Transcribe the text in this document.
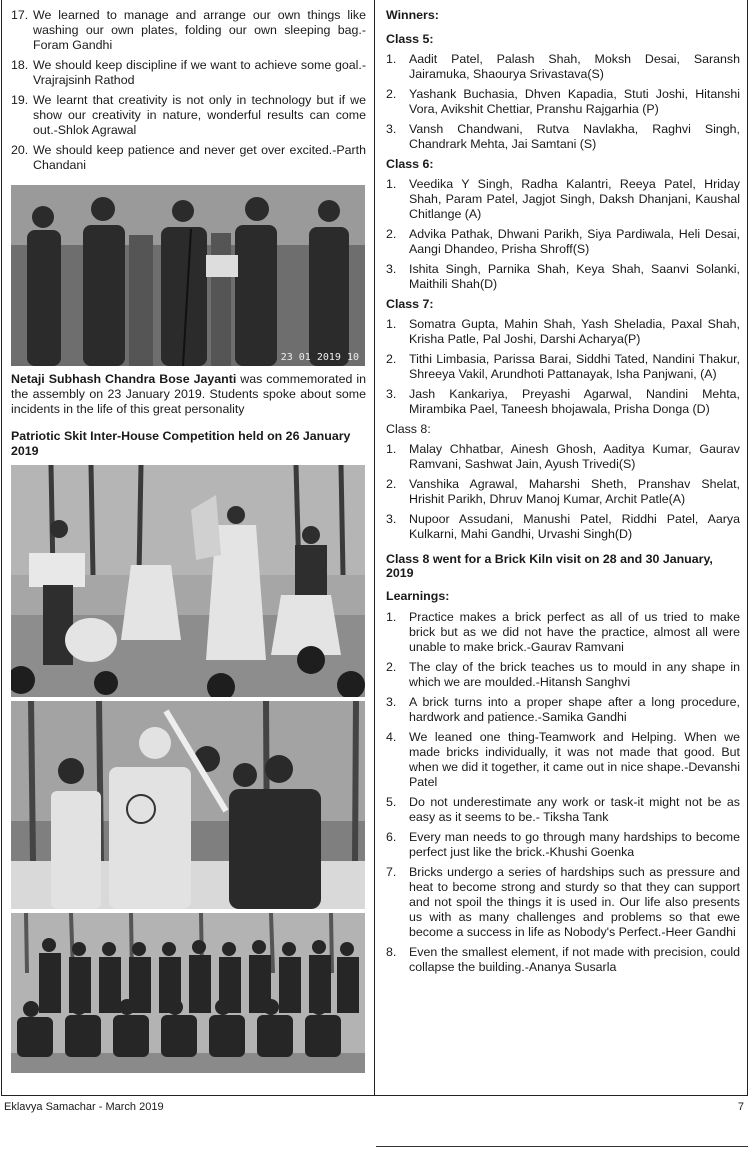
17. We learned to manage and arrange our own things like washing our own plates, folding our own sleeping bag.-Foram Gandhi
18. We should keep discipline if we want to achieve some goal.- Vrajrajsinh Rathod
19. We learnt that creativity is not only in technology but if we show our creativity in nature, wonderful results can come out.-Shlok Agrawal
20. We should keep patience and never get over excited.-Parth Chandani
23 01 2019 10

Netaji Subhash Chandra Bose Jayanti was commemorated in the assembly on 23 January 2019. Students spoke about some incidents in the life of this great personality

Patriotic Skit Inter-House Competition held on 26 January 2019

Winners:

Class 5:

1. Aadit Patel, Palash Shah, Moksh Desai, Saransh Jairamuka, Shaourya Srivastava(S)
2. Yashank Buchasia, Dhven Kapadia, Stuti Joshi, Hitanshi Vora, Avikshit Chettiar, Pranshu Rajgarhia (P)
3. Vansh Chandwani, Rutva Navlakha, Raghvi Singh, Chandrark Mehta, Jai Samtani (S)

Class 6:

1. Veedika Y Singh, Radha Kalantri, Reeya Patel, Hriday Shah, Param Patel, Jagjot Singh, Daksh Dhanjani, Kaushal Chitlange (A)
2. Advika Pathak, Dhwani Parikh, Siya Pardiwala, Heli Desai, Aangi Dhandeo, Prisha Shroff(S)
3. Ishita Singh, Parnika Shah, Keya Shah, Saanvi Solanki, Maithili Shah(D)

Class 7:

1. Somatra Gupta, Mahin Shah, Yash Sheladia, Paxal Shah, Krisha Patle, Pal Joshi, Darshi Acharya(P)
2. Tithi Limbasia, Parissa Barai, Siddhi Tated, Nandini Thakur, Shreeya Vakil, Arundhoti Pattanayak, Isha Panjwani, (A)
3. Jash Kankariya, Preyashi Agarwal, Nandini Mehta, Mirambika Pael, Taneesh bhojawala, Prisha Donga (D)

Class 8:

1. Malay Chhatbar, Ainesh Ghosh, Aaditya Kumar, Gaurav Ramvani, Sashwat Jain, Ayush Trivedi(S)
2. Vanshika Agrawal, Maharshi Sheth, Pranshav Shelat, Hrishit Parikh, Dhruv Manoj Kumar, Archit Patle(A)
3. Nupoor Assudani, Manushi Patel, Riddhi Patel, Aarya Kulkarni, Mahi Gandhi, Urvashi Singh(D)

Class 8 went for a Brick Kiln visit on 28 and 30 January, 2019

Learnings:

1. Practice makes a brick perfect as all of us tried to make brick but as we did not have the practice, almost all were unable to make brick.-Gaurav Ramvani
2. The clay of the brick teaches us to mould in any shape in which we are moulded.-Hitansh Sanghvi
3. A brick turns into a proper shape after a long procedure, hardwork and patience.-Samika Gandhi
4. We leaned one thing-Teamwork and Helping. When we made bricks individually, it was not made that good. But when we did it together, it came out in nice shape.-Devanshi Patel
5. Do not underestimate any work or task-it might not be as easy as it seems to be.- Tiksha Tank
6. Every man needs to go through many hardships to become perfect just like the brick.-Khushi Goenka
7. Bricks undergo a series of hardships such as pressure and heat to become strong and sturdy so that they can support and not spoil the things it is used in. Our life also presents us with as many challenges and problems so that ewe become a success in life as Nobody's Perfect.-Heer Gandhi
8. Even the smallest element, if not made with precision, could collapse the building.-Ananya Susarla
Eklavya Samachar - March 2019	7
